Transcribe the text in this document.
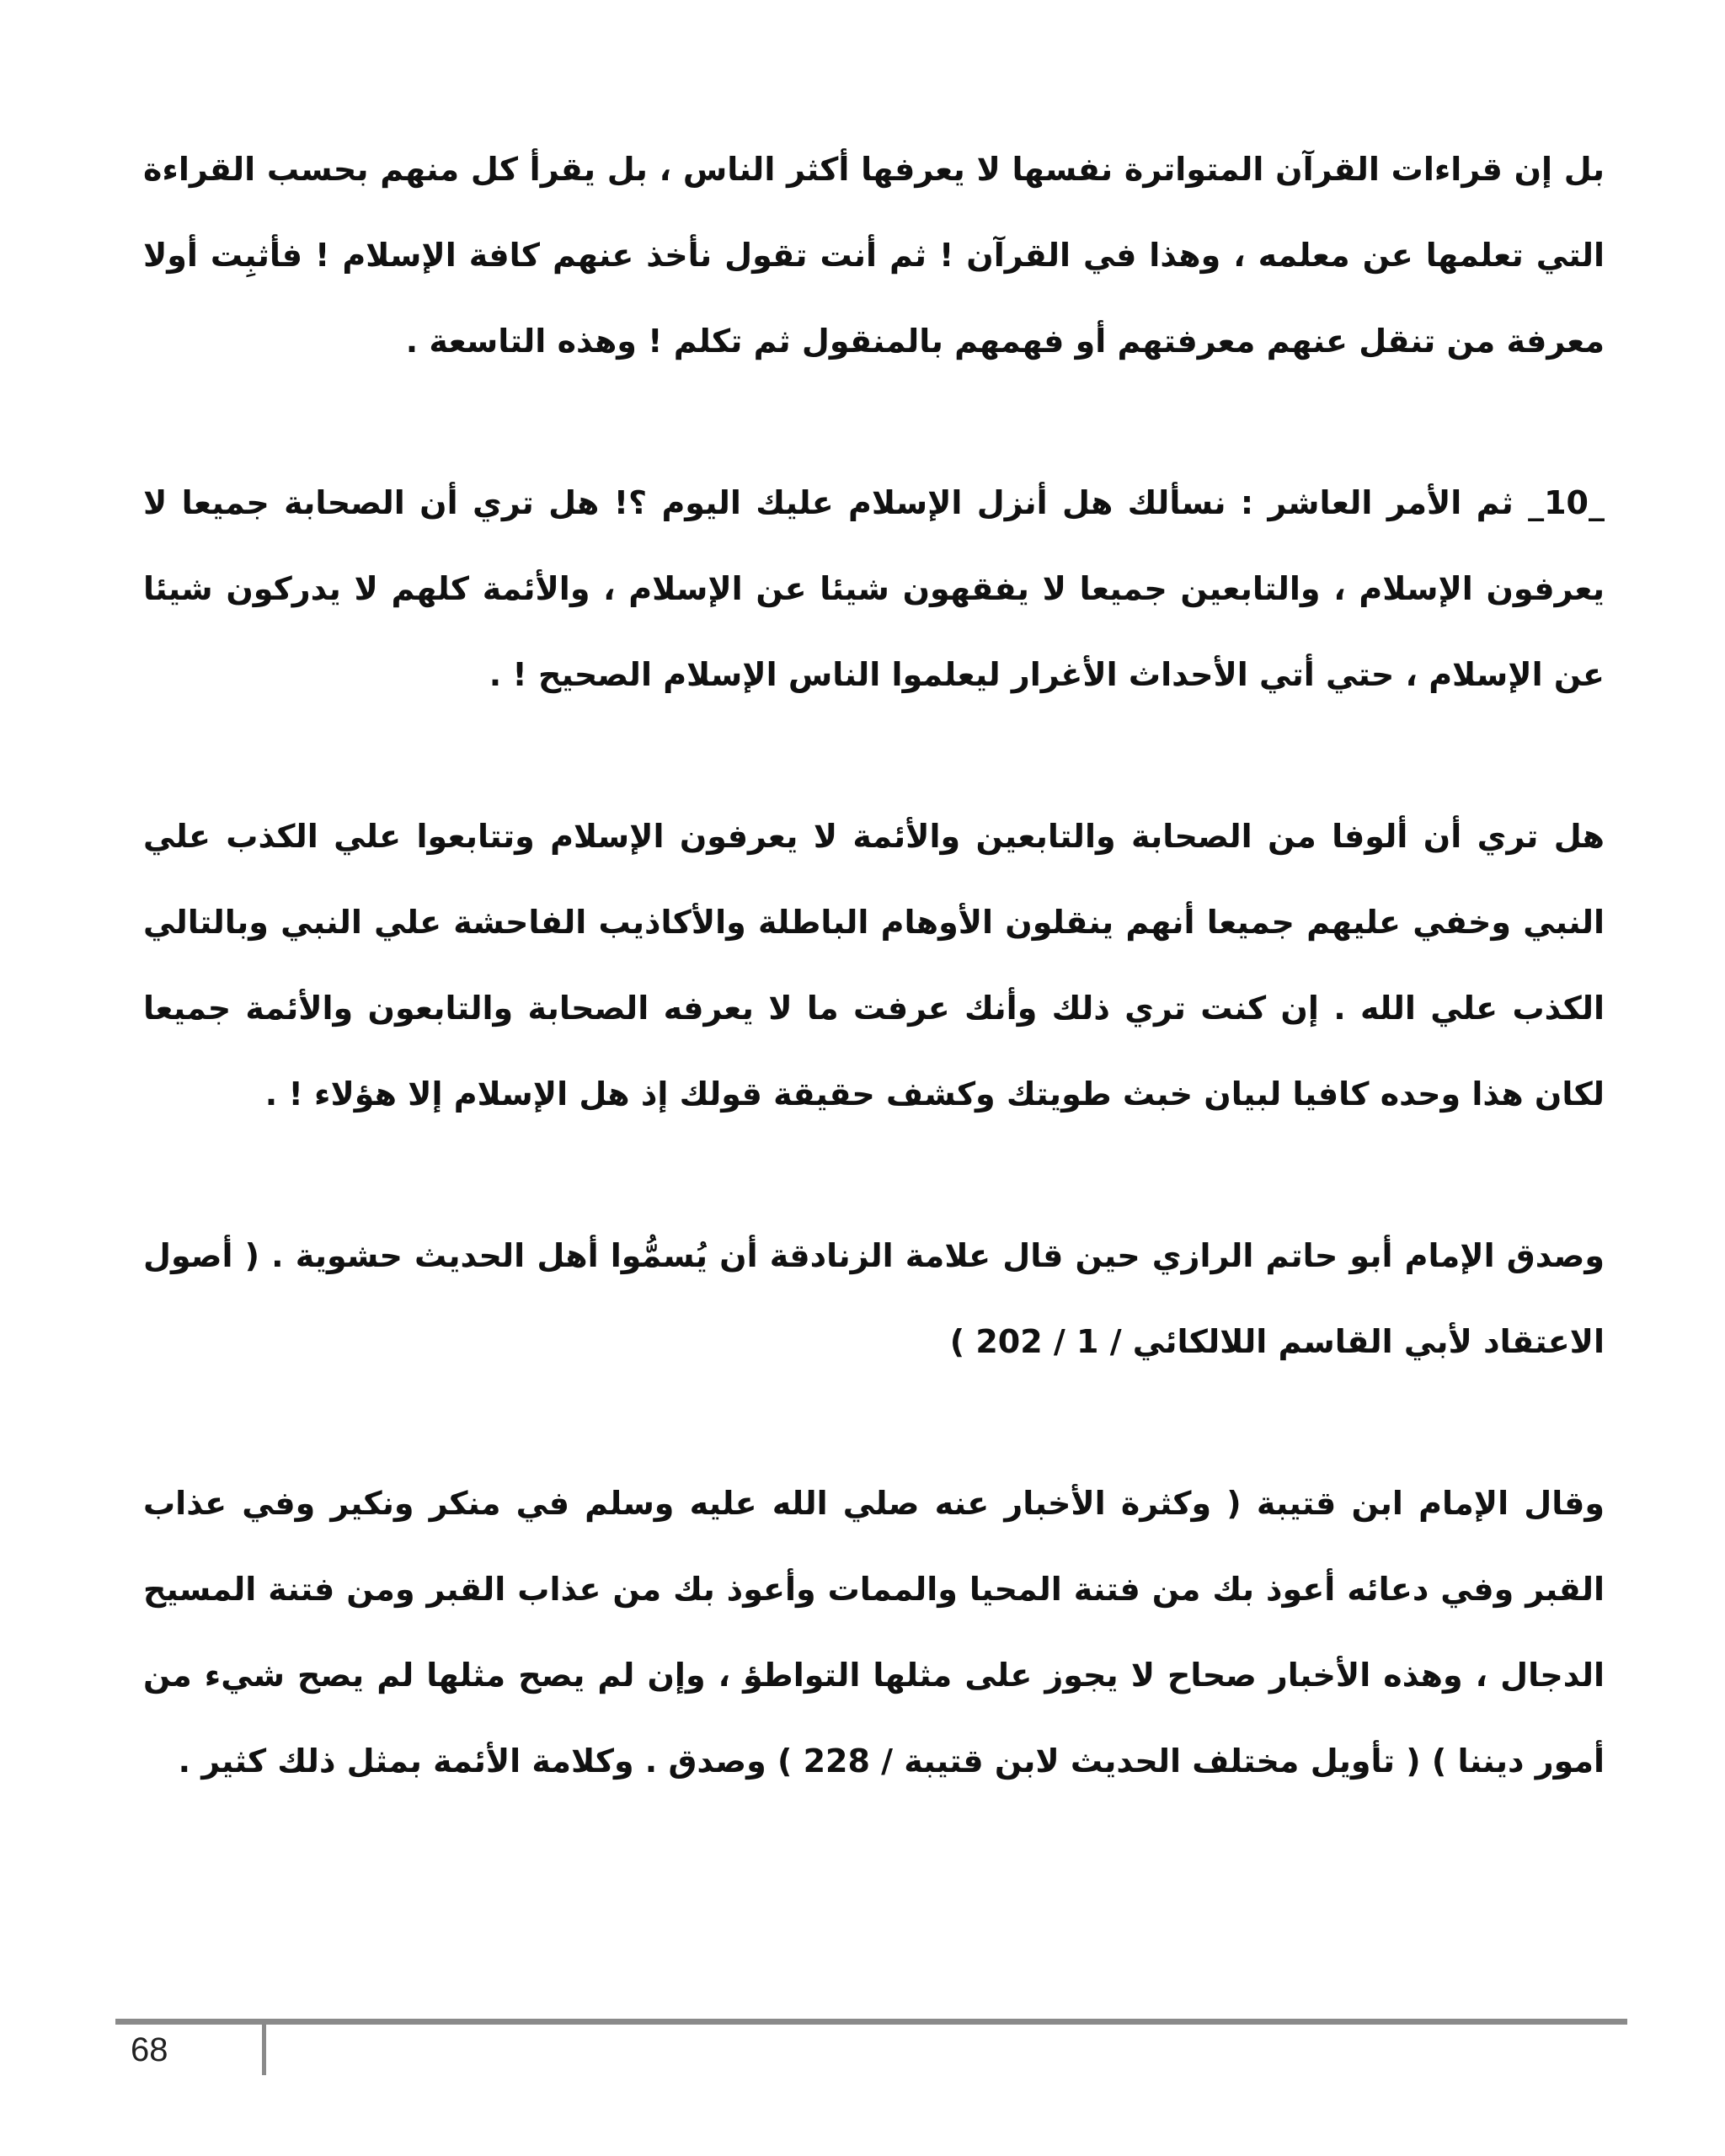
بل إن قراءات القرآن المتواترة نفسها لا يعرفها أكثر الناس ، بل يقرأ كل منهم بحسب القراءة التي تعلمها عن معلمه ، وهذا في القرآن ! ثم أنت تقول نأخذ عنهم كافة الإسلام ! فأثبِت أولا معرفة من تنقل عنهم معرفتهم أو فهمهم بالمنقول ثم تكلم ! وهذه التاسعة .

_10_ ثم الأمر العاشر : نسألك هل أنزل الإسلام عليك اليوم ؟! هل تري أن الصحابة جميعا لا يعرفون الإسلام ، والتابعين جميعا لا يفقهون شيئا عن الإسلام ، والأئمة كلهم لا يدركون شيئا عن الإسلام ، حتي أتي الأحداث الأغرار ليعلموا الناس الإسلام الصحيح ! .

هل تري أن ألوفا من الصحابة والتابعين والأئمة لا يعرفون الإسلام وتتابعوا علي الكذب علي النبي وخفي عليهم جميعا أنهم ينقلون الأوهام الباطلة والأكاذيب الفاحشة علي النبي وبالتالي الكذب علي الله . إن كنت تري ذلك وأنك عرفت ما لا يعرفه الصحابة والتابعون والأئمة جميعا لكان هذا وحده كافيا لبيان خبث طويتك وكشف حقيقة قولك إذ هل الإسلام إلا هؤلاء ! .

وصدق الإمام أبو حاتم الرازي حين قال علامة الزنادقة أن يُسمُّوا أهل الحديث حشوية . ( أصول الاعتقاد لأبي القاسم اللالكائي / 1 / 202 )

وقال الإمام ابن قتيبة ( وكثرة الأخبار عنه صلي الله عليه وسلم في منكر ونكير وفي عذاب القبر وفي دعائه أعوذ بك من فتنة المحيا والممات وأعوذ بك من عذاب القبر ومن فتنة المسيح الدجال ، وهذه الأخبار صحاح لا يجوز على مثلها التواطؤ ، وإن لم يصح مثلها لم يصح شيء من أمور ديننا ) ( تأويل مختلف الحديث لابن قتيبة / 228 ) وصدق . وكلامة الأئمة بمثل ذلك كثير .

68
